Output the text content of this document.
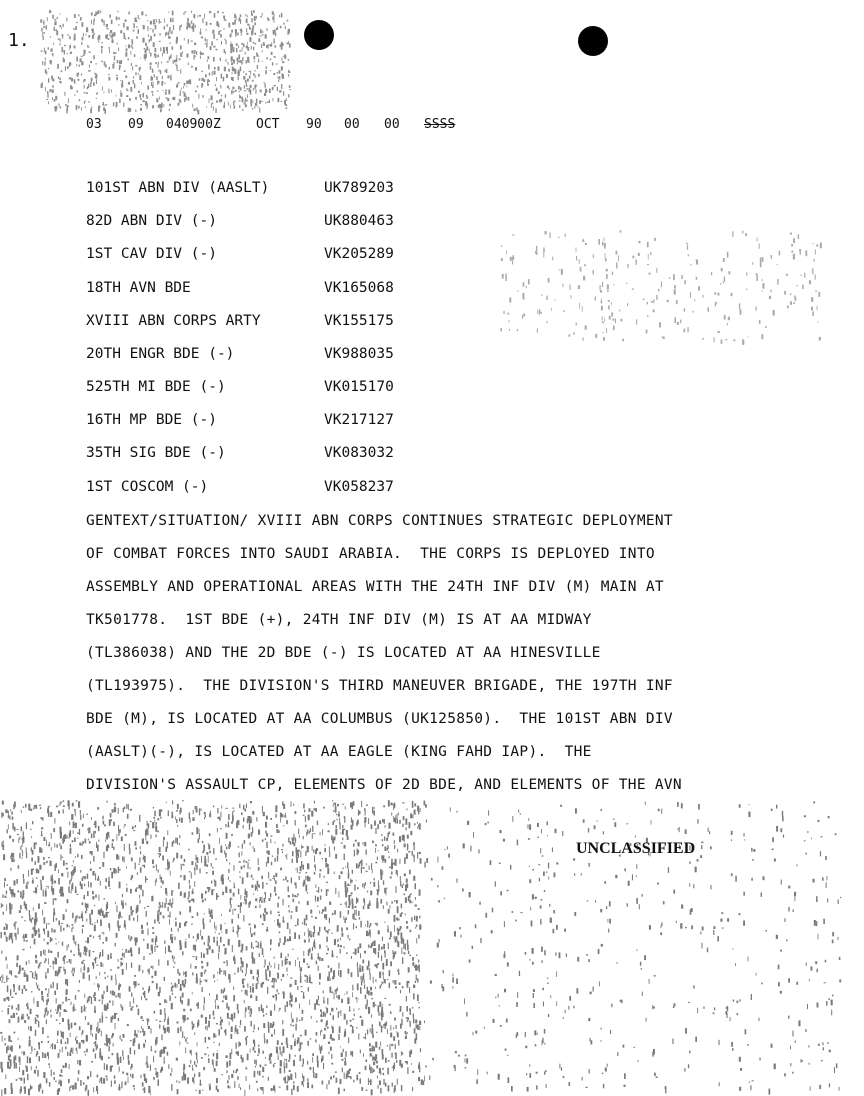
1.
03 09 040900Z	OCT 90 00 00 SSSS
101ST ABN DIV (AASLT)	UK789203
82D ABN DIV (-)	UK880463
1ST CAV DIV (-)	VK205289
18TH AVN BDE	VK165068
XVIII ABN CORPS ARTY	VK155175
20TH ENGR BDE (-)	VK988035
525TH MI BDE (-)	VK015170
16TH MP BDE (-)	VK217127
35TH SIG BDE (-)	VK083032
1ST COSCOM (-)	VK058237
GENTEXT/SITUATION/ XVIII ABN CORPS CONTINUES STRATEGIC DEPLOYMENT
OF COMBAT FORCES INTO SAUDI ARABIA.  THE CORPS IS DEPLOYED INTO
ASSEMBLY AND OPERATIONAL AREAS WITH THE 24TH INF DIV (M) MAIN AT
TK501778.  1ST BDE (+), 24TH INF DIV (M) IS AT AA MIDWAY
(TL386038) AND THE 2D BDE (-) IS LOCATED AT AA HINESVILLE
(TL193975).  THE DIVISION'S THIRD MANEUVER BRIGADE, THE 197TH INF
BDE (M), IS LOCATED AT AA COLUMBUS (UK125850).  THE 101ST ABN DIV
(AASLT)(-), IS LOCATED AT AA EAGLE (KING FAHD IAP).  THE
DIVISION'S ASSAULT CP, ELEMENTS OF 2D BDE, AND ELEMENTS OF THE AVN
UNCLASSIFIED
